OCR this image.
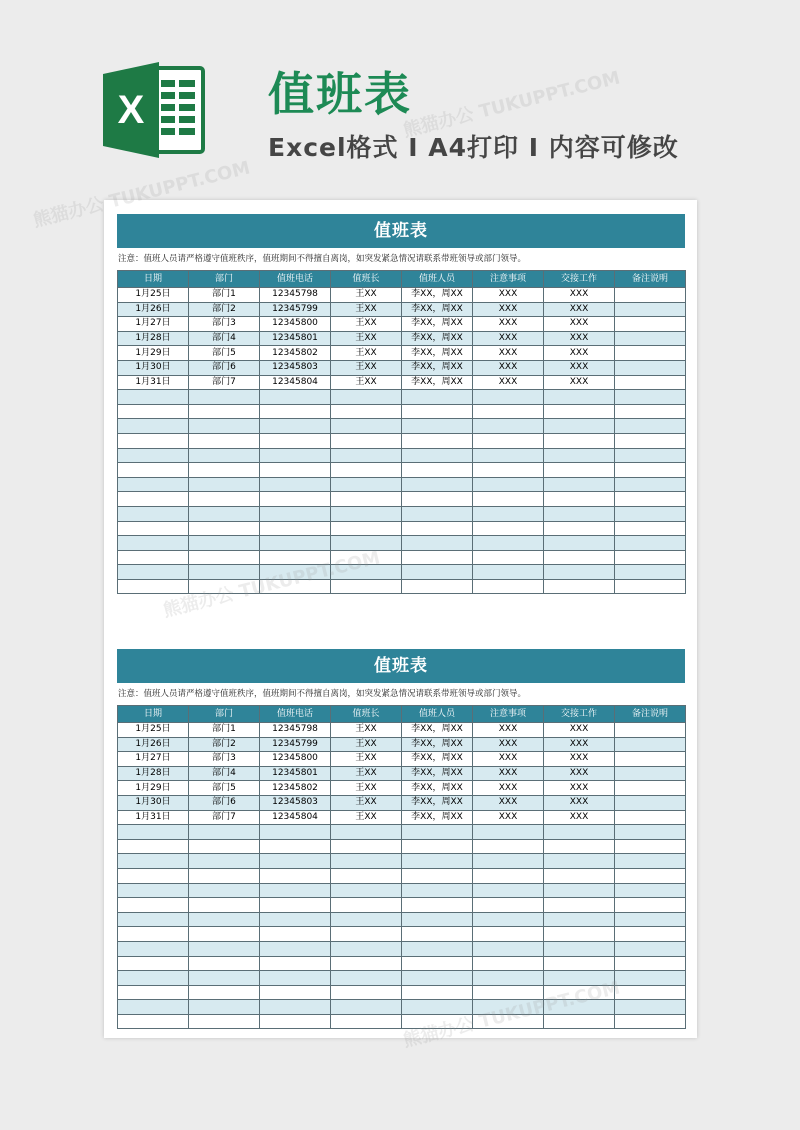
X	值班表
Excel格式 I A4打印 I 内容可修改
值班表
注意：值班人员请严格遵守值班秩序，值班期间不得擅自离岗，如突发紧急情况请联系带班领导或部门领导。
日期	部门	值班电话	值班长	值班人员	注意事项	交接工作	备注说明
1月25日	部门1	12345798	王XX	李XX，周XX	XXX	XXX	
1月26日	部门2	12345799	王XX	李XX，周XX	XXX	XXX	
1月27日	部门3	12345800	王XX	李XX，周XX	XXX	XXX	
1月28日	部门4	12345801	王XX	李XX，周XX	XXX	XXX	
1月29日	部门5	12345802	王XX	李XX，周XX	XXX	XXX	
1月30日	部门6	12345803	王XX	李XX，周XX	XXX	XXX	
1月31日	部门7	12345804	王XX	李XX，周XX	XXX	XXX	

值班表
注意：值班人员请严格遵守值班秩序，值班期间不得擅自离岗，如突发紧急情况请联系带班领导或部门领导。
日期	部门	值班电话	值班长	值班人员	注意事项	交接工作	备注说明
1月25日	部门1	12345798	王XX	李XX，周XX	XXX	XXX	
1月26日	部门2	12345799	王XX	李XX，周XX	XXX	XXX	
1月27日	部门3	12345800	王XX	李XX，周XX	XXX	XXX	
1月28日	部门4	12345801	王XX	李XX，周XX	XXX	XXX	
1月29日	部门5	12345802	王XX	李XX，周XX	XXX	XXX	
1月30日	部门6	12345803	王XX	李XX，周XX	XXX	XXX	
1月31日	部门7	12345804	王XX	李XX，周XX	XXX	XXX	

熊猫办公 TUKUPPT.COM
熊猫办公 TUKUPPT.COM
